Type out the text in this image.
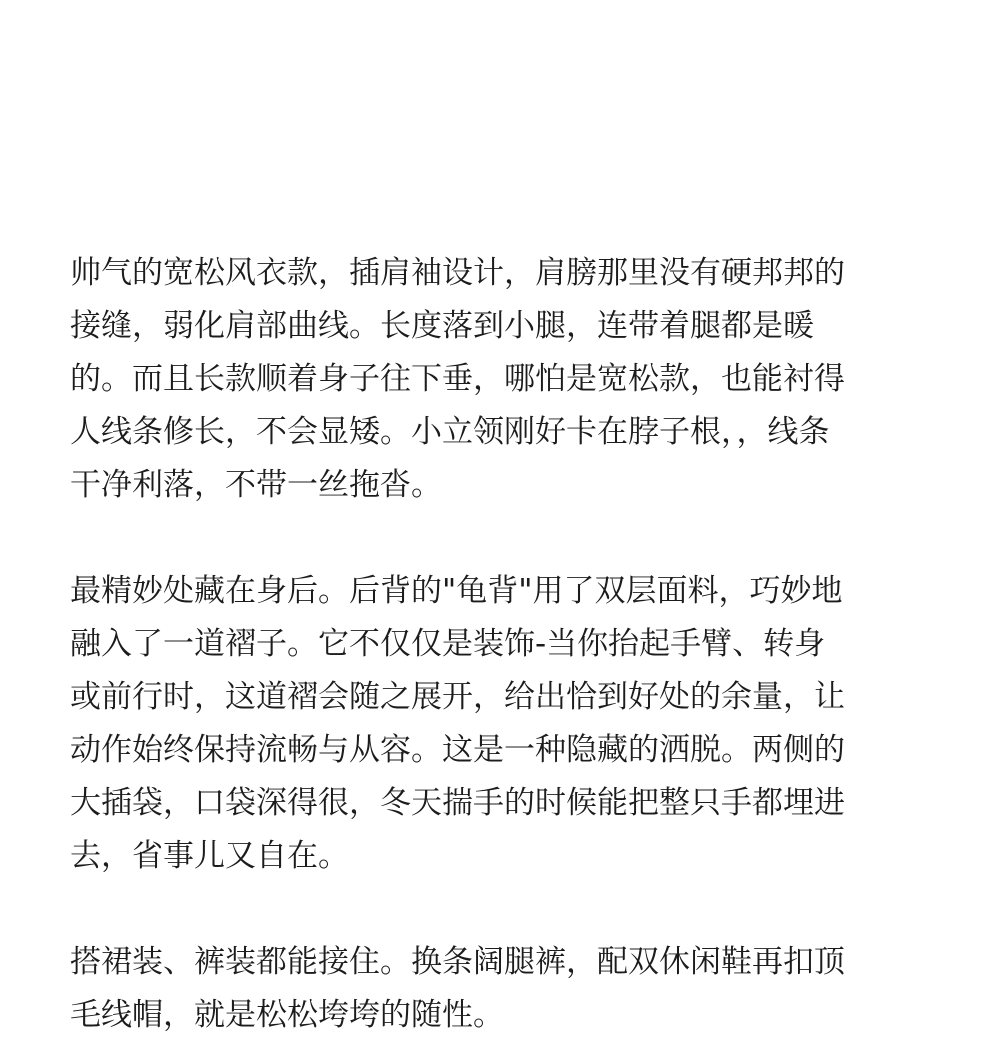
帅气的宽松风衣款，插肩袖设计，肩膀那里没有硬邦邦的
接缝，弱化肩部曲线。长度落到小腿，连带着腿都是暖
的。而且长款顺着身子往下垂，哪怕是宽松款，也能衬得
人线条修长，不会显矮。小立领刚好卡在脖子根，，线条
干净利落，不带一丝拖沓。
最精妙处藏在身后。后背的"龟背"用了双层面料，巧妙地
融入了一道褶子。它不仅仅是装饰-当你抬起手臂、转身
或前行时，这道褶会随之展开，给出恰到好处的余量，让
动作始终保持流畅与从容。这是一种隐藏的洒脱。两侧的
大插袋，口袋深得很，冬天揣手的时候能把整只手都埋进
去，省事儿又自在。
搭裙装、裤装都能接住。换条阔腿裤，配双休闲鞋再扣顶
毛线帽，就是松松垮垮的随性。
